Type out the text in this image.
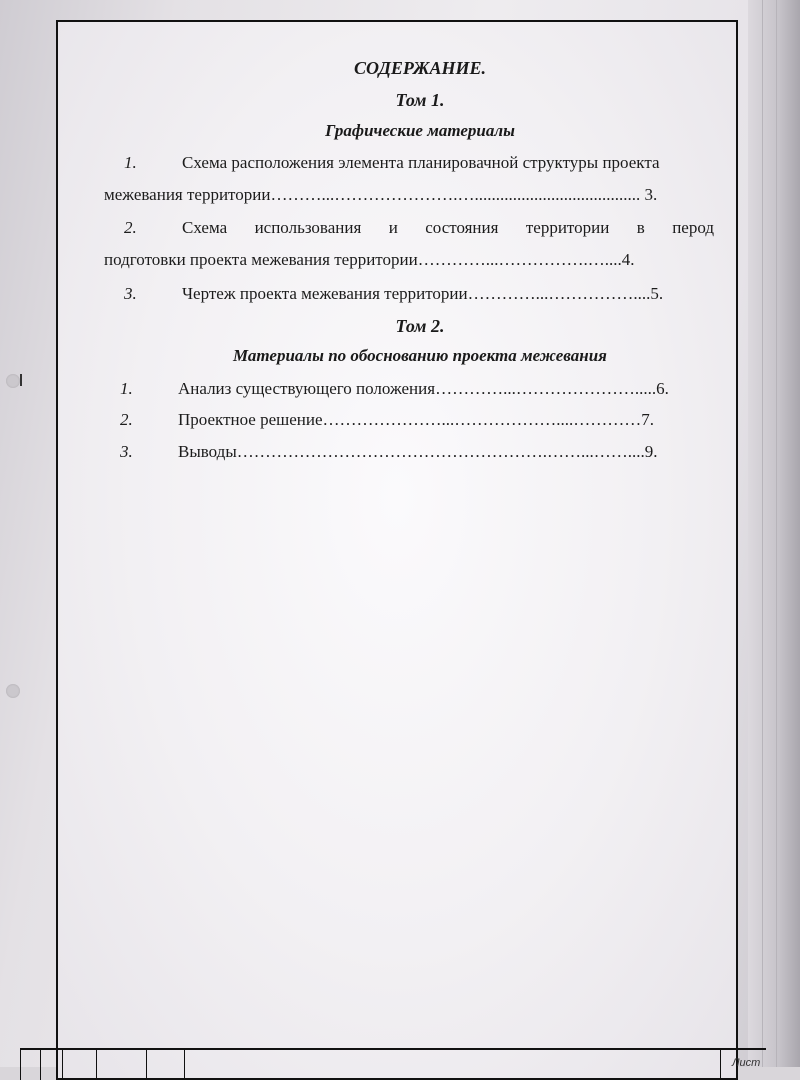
Лист
СОДЕРЖАНИЕ.
Том 1.
Графические материалы
1.	Схема расположения элемента планировачной структуры проекта
межевания территории………...………………….…....................................... 3.
2.	Схема использования и состояния территории в перод
подготовки проекта межевания территории…………...…………….…....4.
3.	Чертеж проекта межевания территории…………...……………....5.
Том 2.
Материалы по обоснованию проекта межевания
1.	Анализ существующего положения…………...………………….....6.
2.	Проектное решение…………………...………………....…………7.
3.	Выводы……………………………………………….……...……....9.
